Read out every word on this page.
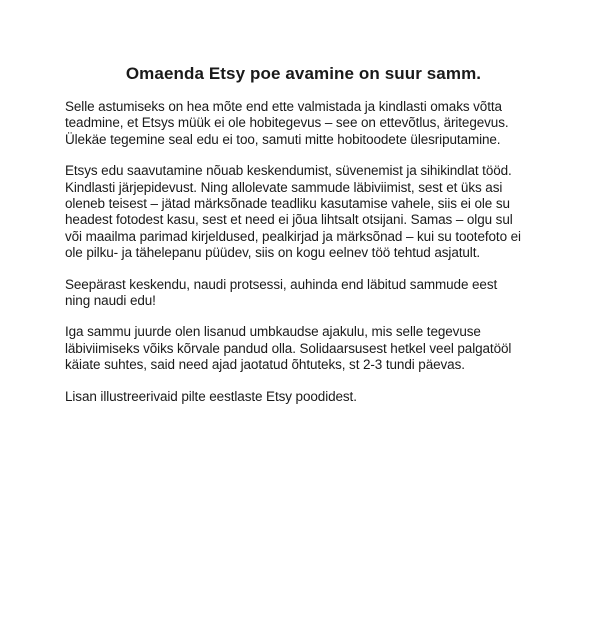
Omaenda Etsy poe avamine on suur samm.

Selle astumiseks on hea mõte end ette valmistada ja kindlasti omaks võtta
teadmine, et Etsys müük ei ole hobitegevus – see on ettevõtlus, äritegevus.
Ülekäe tegemine seal edu ei too, samuti mitte hobitoodete ülesriputamine.

Etsys edu saavutamine nõuab keskendumist, süvenemist ja sihikindlat tööd.
Kindlasti järjepidevust. Ning allolevate sammude läbiviimist, sest et üks asi
oleneb teisest – jätad märksõnade teadliku kasutamise vahele, siis ei ole su
headest fotodest kasu, sest et need ei jõua lihtsalt otsijani. Samas – olgu sul
või maailma parimad kirjeldused, pealkirjad ja märksõnad – kui su tootefoto ei
ole pilku- ja tähelepanu püüdev, siis on kogu eelnev töö tehtud asjatult.

Seepärast keskendu, naudi protsessi, auhinda end läbitud sammude eest
ning naudi edu!

Iga sammu juurde olen lisanud umbkaudse ajakulu, mis selle tegevuse
läbiviimiseks võiks kõrvale pandud olla. Solidaarsusest hetkel veel palgatööl
käiate suhtes, said need ajad jaotatud õhtuteks, st 2-3 tundi päevas.

Lisan illustreerivaid pilte eestlaste Etsy poodidest.
